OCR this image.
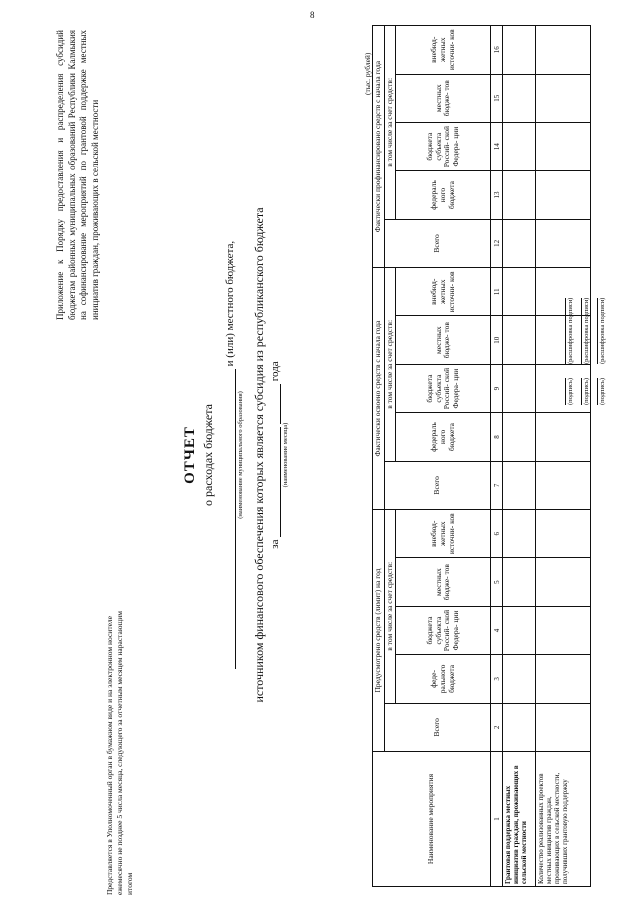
8
Представляется в Уполномоченный орган в бумажном виде и на электронном носителе ежемесячно не позднее 5 числа месяца, следующего за отчетным месяцем нарастающим итогом
Приложение к Порядку предоставления и распределения субсидий бюджетам районных муниципальных образований Республики Калмыкия на софинансирование мероприятий по грантовой поддержке местных инициатив граждан, проживающих в сельской местности
ОТЧЕТ о расходах бюджета
и (или) местного бюджета,
(наименование муниципального образования) источником финансового обеспечения которых является субсидия из республиканского бюджета за   года
(наименование месяца)
(тыс. рублей)
Наименование мероприятия	Предусмотрено средств (лимит) на год					Фактически освоено средств с начала года					Фактически профинансировано средств с начала года				
	Всего	в том числе за счет средств:				Всего	в том числе за счет средств:				Всего	в том числе за счет средств:			
		феде- рального бюджета	бюджета субъекта Россий- ской Федера- ции	местных бюдже- тов	внебюд- жетных источни- ков		федераль ного бюджета	бюджета субъекта Россий- ской Федера- ции	местных бюдже- тов	внебюд- жетных источни- ков		федераль ного бюджета	бюджета субъекта Россий- ской Федера- ции	местных бюдже- тов	внебюд- жетных источни- ков
1	2	3	4	5	6	7	8	9	10	11	12	13	14	15	16
Грантовая поддержка местных инициатив граждан, проживающих в сельской местности															
Количество реализованных проектов местных инициатив граждан, проживающих в сельской местности, получивших грантовую поддержку															
(подпись)
(расшифровка подписи)
(подпись)
(расшифровка подписи)
(подпись)
(расшифровка подписи)
